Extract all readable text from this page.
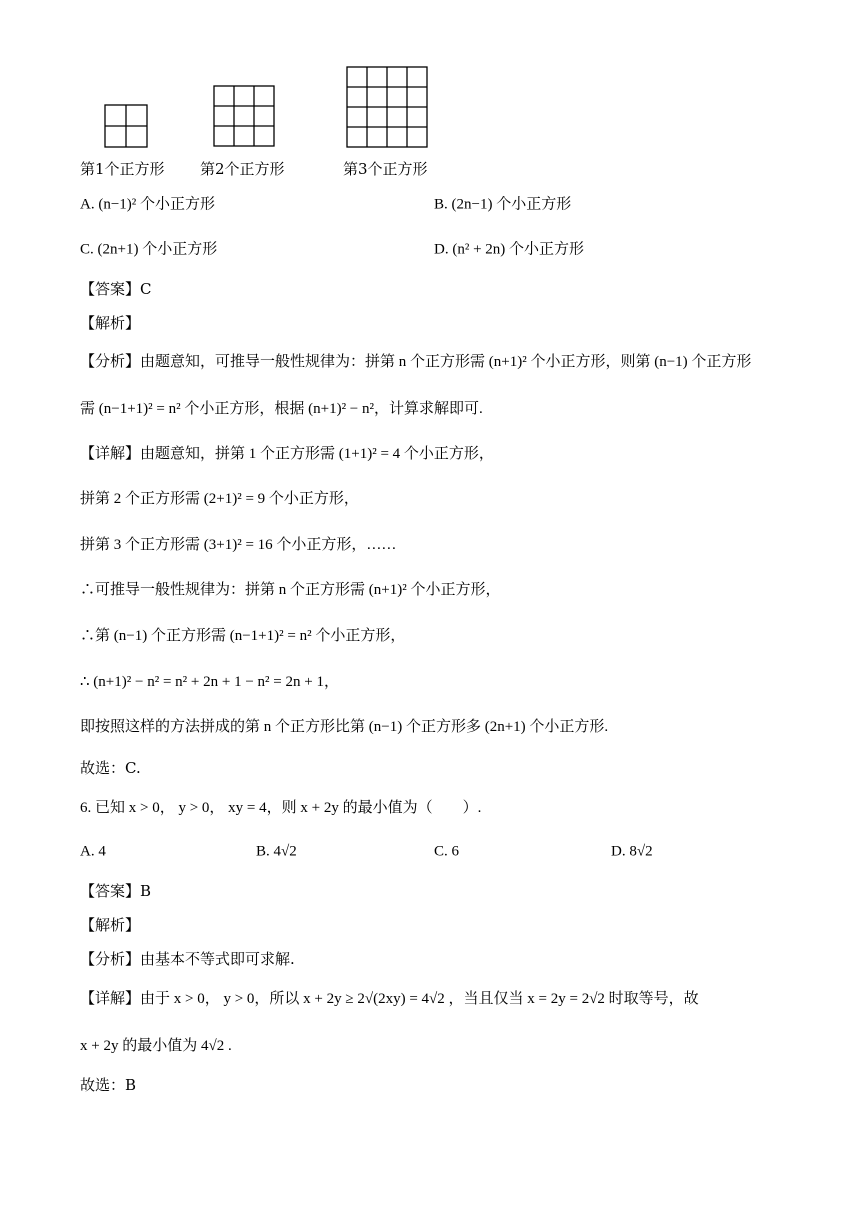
第1个正方形 第2个正方形	第3个正方形
A. (n−1)² 个小正方形	B. (2n−1) 个小正方形
C. (2n+1) 个小正方形	D. (n² + 2n) 个小正方形
【答案】C
【解析】
【分析】由题意知，可推导一般性规律为：拼第 n 个正方形需 (n+1)² 个小正方形，则第 (n−1) 个正方形
需 (n−1+1)² = n² 个小正方形，根据 (n+1)² − n²，计算求解即可.
【详解】由题意知，拼第 1 个正方形需 (1+1)² = 4 个小正方形，
拼第 2 个正方形需 (2+1)² = 9 个小正方形，
拼第 3 个正方形需 (3+1)² = 16 个小正方形，……
∴可推导一般性规律为：拼第 n 个正方形需 (n+1)² 个小正方形，
∴第 (n−1) 个正方形需 (n−1+1)² = n² 个小正方形，
∴ (n+1)² − n² = n² + 2n + 1 − n² = 2n + 1，
即按照这样的方法拼成的第 n 个正方形比第 (n−1) 个正方形多 (2n+1) 个小正方形.
故选：C.
6. 已知 x > 0， y > 0， xy = 4，则 x + 2y 的最小值为（　　）.
A. 4	B. 4√2	C. 6	D. 8√2
【答案】B
【解析】
【分析】由基本不等式即可求解.
【详解】由于 x > 0， y > 0，所以 x + 2y ≥ 2√(2xy) = 4√2 ，当且仅当 x = 2y = 2√2 时取等号，故
x + 2y 的最小值为 4√2 .
故选：B
